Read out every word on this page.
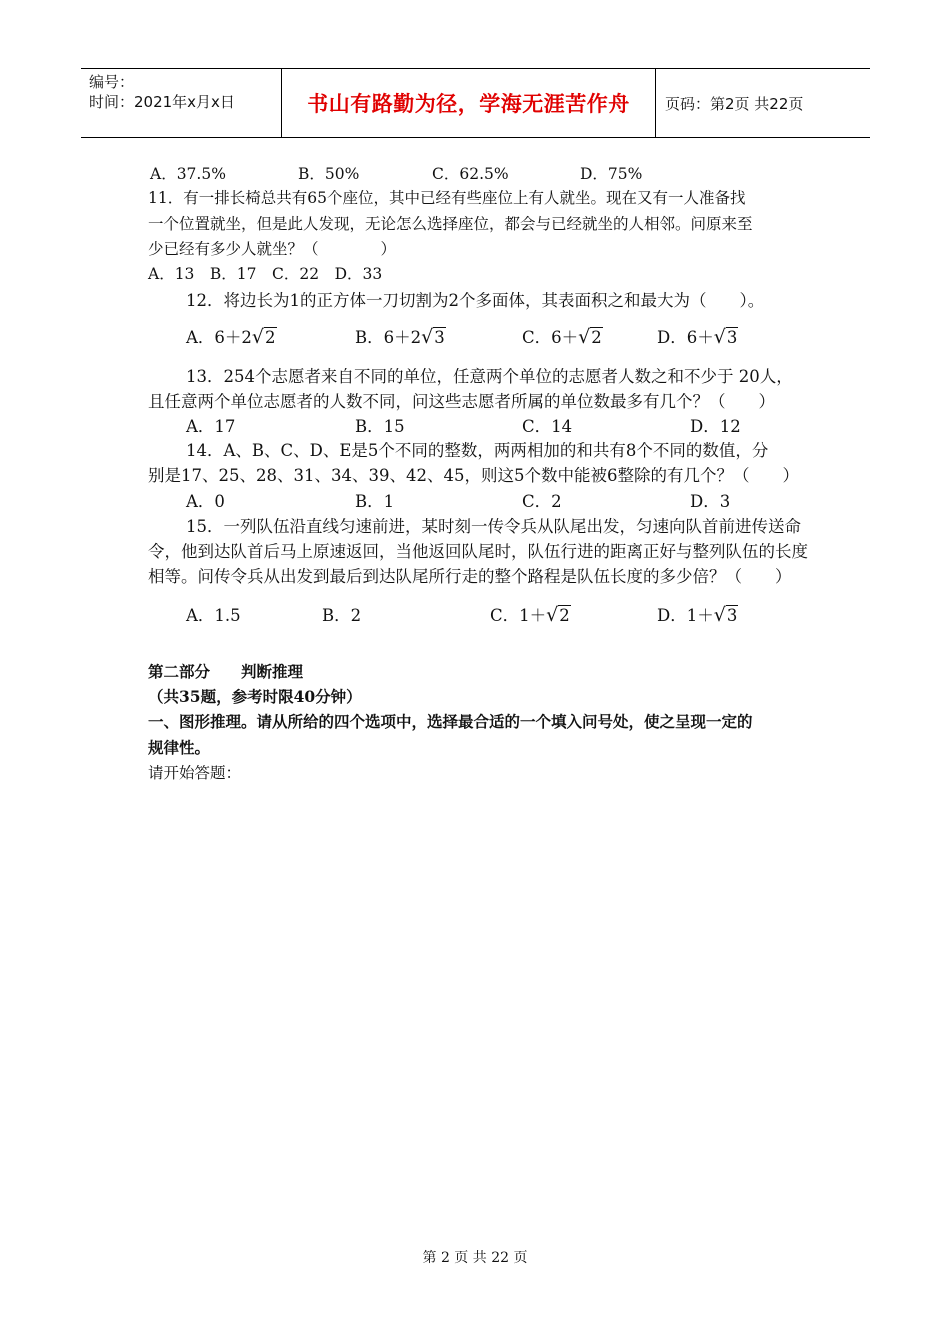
编号：
时间：2021年x月x日	书山有路勤为径，学海无涯苦作舟 页码：第2页 共22页
A．37.5%	B．50%	C．62.5%	D．75%
11．有一排长椅总共有65个座位，其中已经有些座位上有人就坐。现在又有一人准备找
一个位置就坐，但是此人发现，无论怎么选择座位，都会与已经就坐的人相邻。问原来至
少已经有多少人就坐？（　　　　）
A．13　B．17　C．22　D．33
12．将边长为1的正方体一刀切割为2个多面体，其表面积之和最大为（　　）。
A．6＋2√2	B．6＋2√3	C．6＋√2	D．6＋√3
13．254个志愿者来自不同的单位，任意两个单位的志愿者人数之和不少于 20人，
且任意两个单位志愿者的人数不同，问这些志愿者所属的单位数最多有几个？（　　）
A．17	B．15	C．14	D．12
14．A、B、C、D、E是5个不同的整数，两两相加的和共有8个不同的数值，分
别是17、25、28、31、34、39、42、45，则这5个数中能被6整除的有几个？（　　）
A．0	B．1	C．2	D．3
15．一列队伍沿直线匀速前进，某时刻一传令兵从队尾出发，匀速向队首前进传送命
令，他到达队首后马上原速返回，当他返回队尾时，队伍行进的距离正好与整列队伍的长度
相等。问传令兵从出发到最后到达队尾所行走的整个路程是队伍长度的多少倍？（　　）
A．1.5	B．2	C．1＋√2	D．1＋√3
第二部分　　判断推理
（共35题，参考时限40分钟）
一、图形推理。请从所给的四个选项中，选择最合适的一个填入问号处，使之呈现一定的
规律性。
请开始答题：
第 2 页 共 22 页
